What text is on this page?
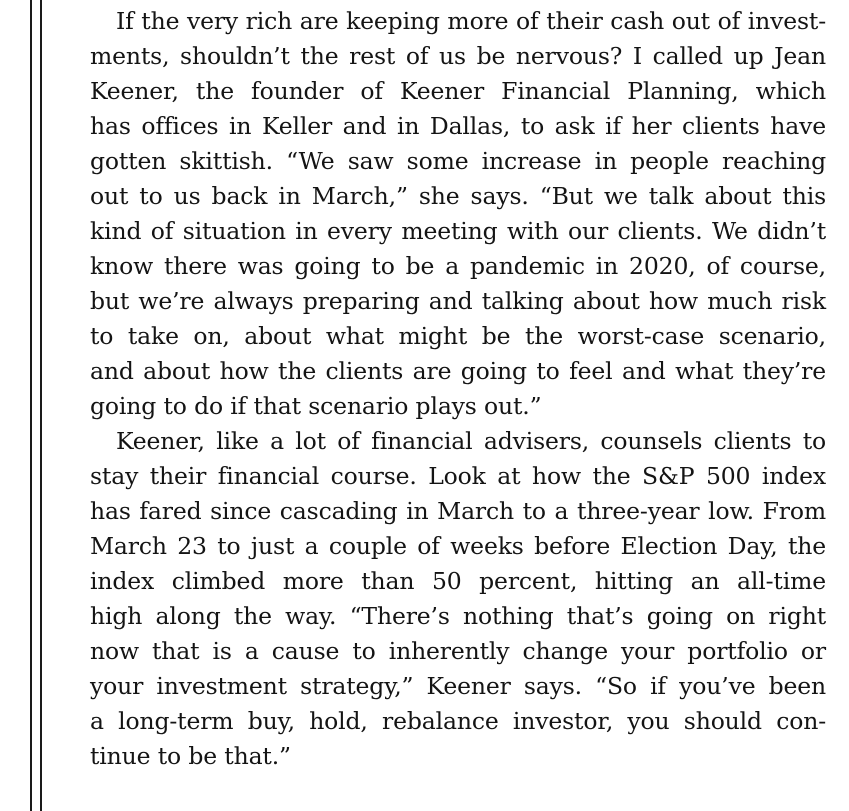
If the very rich are keeping more of their cash out of invest-
ments, shouldn’t the rest of us be nervous? I called up Jean
Keener, the founder of Keener Financial Planning, which
has offices in Keller and in Dallas, to ask if her clients have
gotten skittish. “We saw some increase in people reaching
out to us back in March,” she says. “But we talk about this
kind of situation in every meeting with our clients. We didn’t
know there was going to be a pandemic in 2020, of course,
but we’re always preparing and talking about how much risk
to take on, about what might be the worst-case scenario,
and about how the clients are going to feel and what they’re
going to do if that scenario plays out.”

Keener, like a lot of financial advisers, counsels clients to
stay their financial course. Look at how the S&P 500 index
has fared since cascading in March to a three-year low. From
March 23 to just a couple of weeks before Election Day, the
index climbed more than 50 percent, hitting an all-time
high along the way. “There’s nothing that’s going on right
now that is a cause to inherently change your portfolio or
your investment strategy,” Keener says. “So if you’ve been
a long-term buy, hold, rebalance investor, you should con-
tinue to be that.”
